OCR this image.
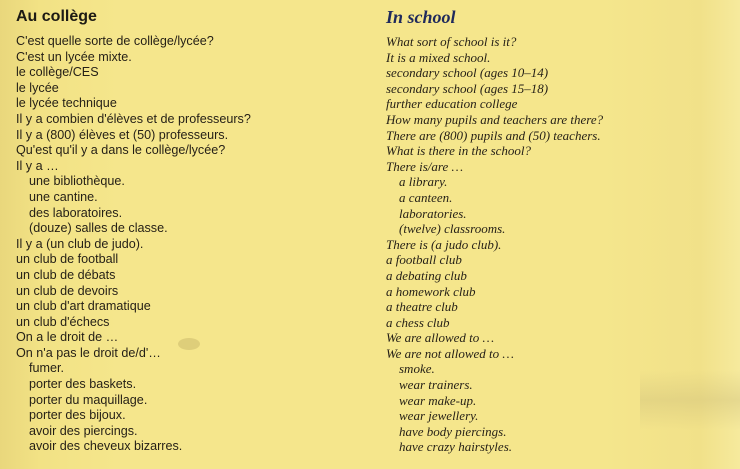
Au collège
C'est quelle sorte de collège/lycée?
C'est un lycée mixte.
le collège/CES
le lycée
le lycée technique
Il y a combien d'élèves et de professeurs?
Il y a (800) élèves et (50) professeurs.
Qu'est qu'il y a dans le collège/lycée?
Il y a …
une bibliothèque.
une cantine.
des laboratoires.
(douze) salles de classe.
Il y a (un club de judo).
un club de football
un club de débats
un club de devoirs
un club d'art dramatique
un club d'échecs
On a le droit de …
On n'a pas le droit de/d'…
fumer.
porter des baskets.
porter du maquillage.
porter des bijoux.
avoir des piercings.
avoir des cheveux bizarres.
In school
What sort of school is it?
It is a mixed school.
secondary school (ages 10–14)
secondary school (ages 15–18)
further education college
How many pupils and teachers are there?
There are (800) pupils and (50) teachers.
What is there in the school?
There is/are …
a library.
a canteen.
laboratories.
(twelve) classrooms.
There is (a judo club).
a football club
a debating club
a homework club
a theatre club
a chess club
We are allowed to …
We are not allowed to …
smoke.
wear trainers.
wear make-up.
wear jewellery.
have body piercings.
have crazy hairstyles.
